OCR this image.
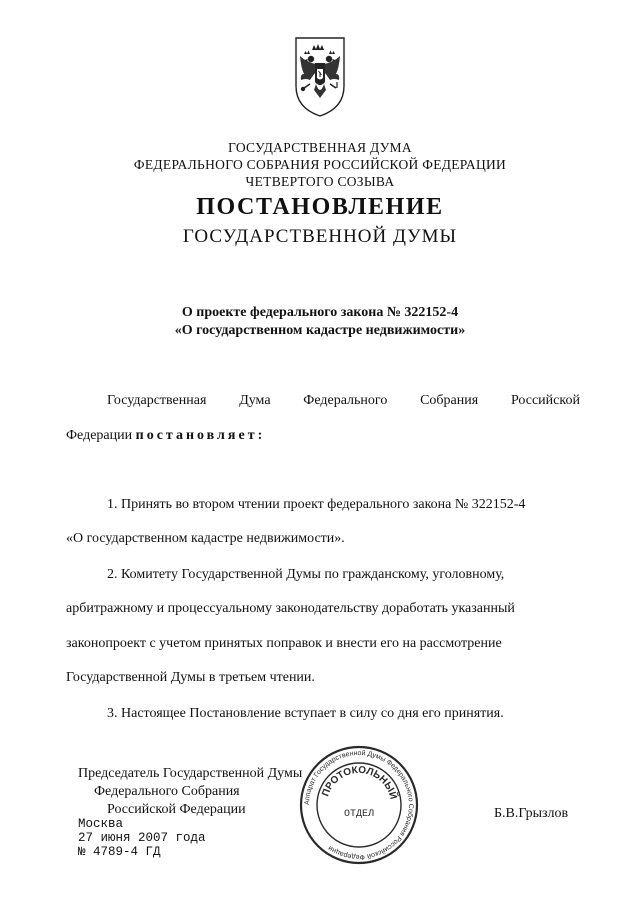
ГОСУДАРСТВЕННАЯ ДУМА
ФЕДЕРАЛЬНОГО СОБРАНИЯ РОССИЙСКОЙ ФЕДЕРАЦИИ
ЧЕТВЕРТОГО СОЗЫВА
ПОСТАНОВЛЕНИЕ
ГОСУДАРСТВЕННОЙ ДУМЫ
О проекте федерального закона № 322152-4
«О государственном кадастре недвижимости»
Государственная Дума Федерального Собрания Российской
Федерации постановляет:
1. Принять во втором чтении проект федерального закона № 322152-4
«О государственном кадастре недвижимости».
2. Комитету Государственной Думы по гражданскому, уголовному,
арбитражному и процессуальному законодательству доработать указанный
законопроект с учетом принятых поправок и внести его на рассмотрение
Государственной Думы в третьем чтении.
3. Настоящее Постановление вступает в силу со дня его принятия.
Председатель Государственной Думы
Федерального Собрания
Российской Федерации	Б.В.Грызлов
Москва
27 июня 2007 года
№ 4789-4 ГД
Аппарат Государственной Думы Федерального Собрания Российской Федерации
ПРОТОКОЛЬНЫЙ
ОТДЕЛ
